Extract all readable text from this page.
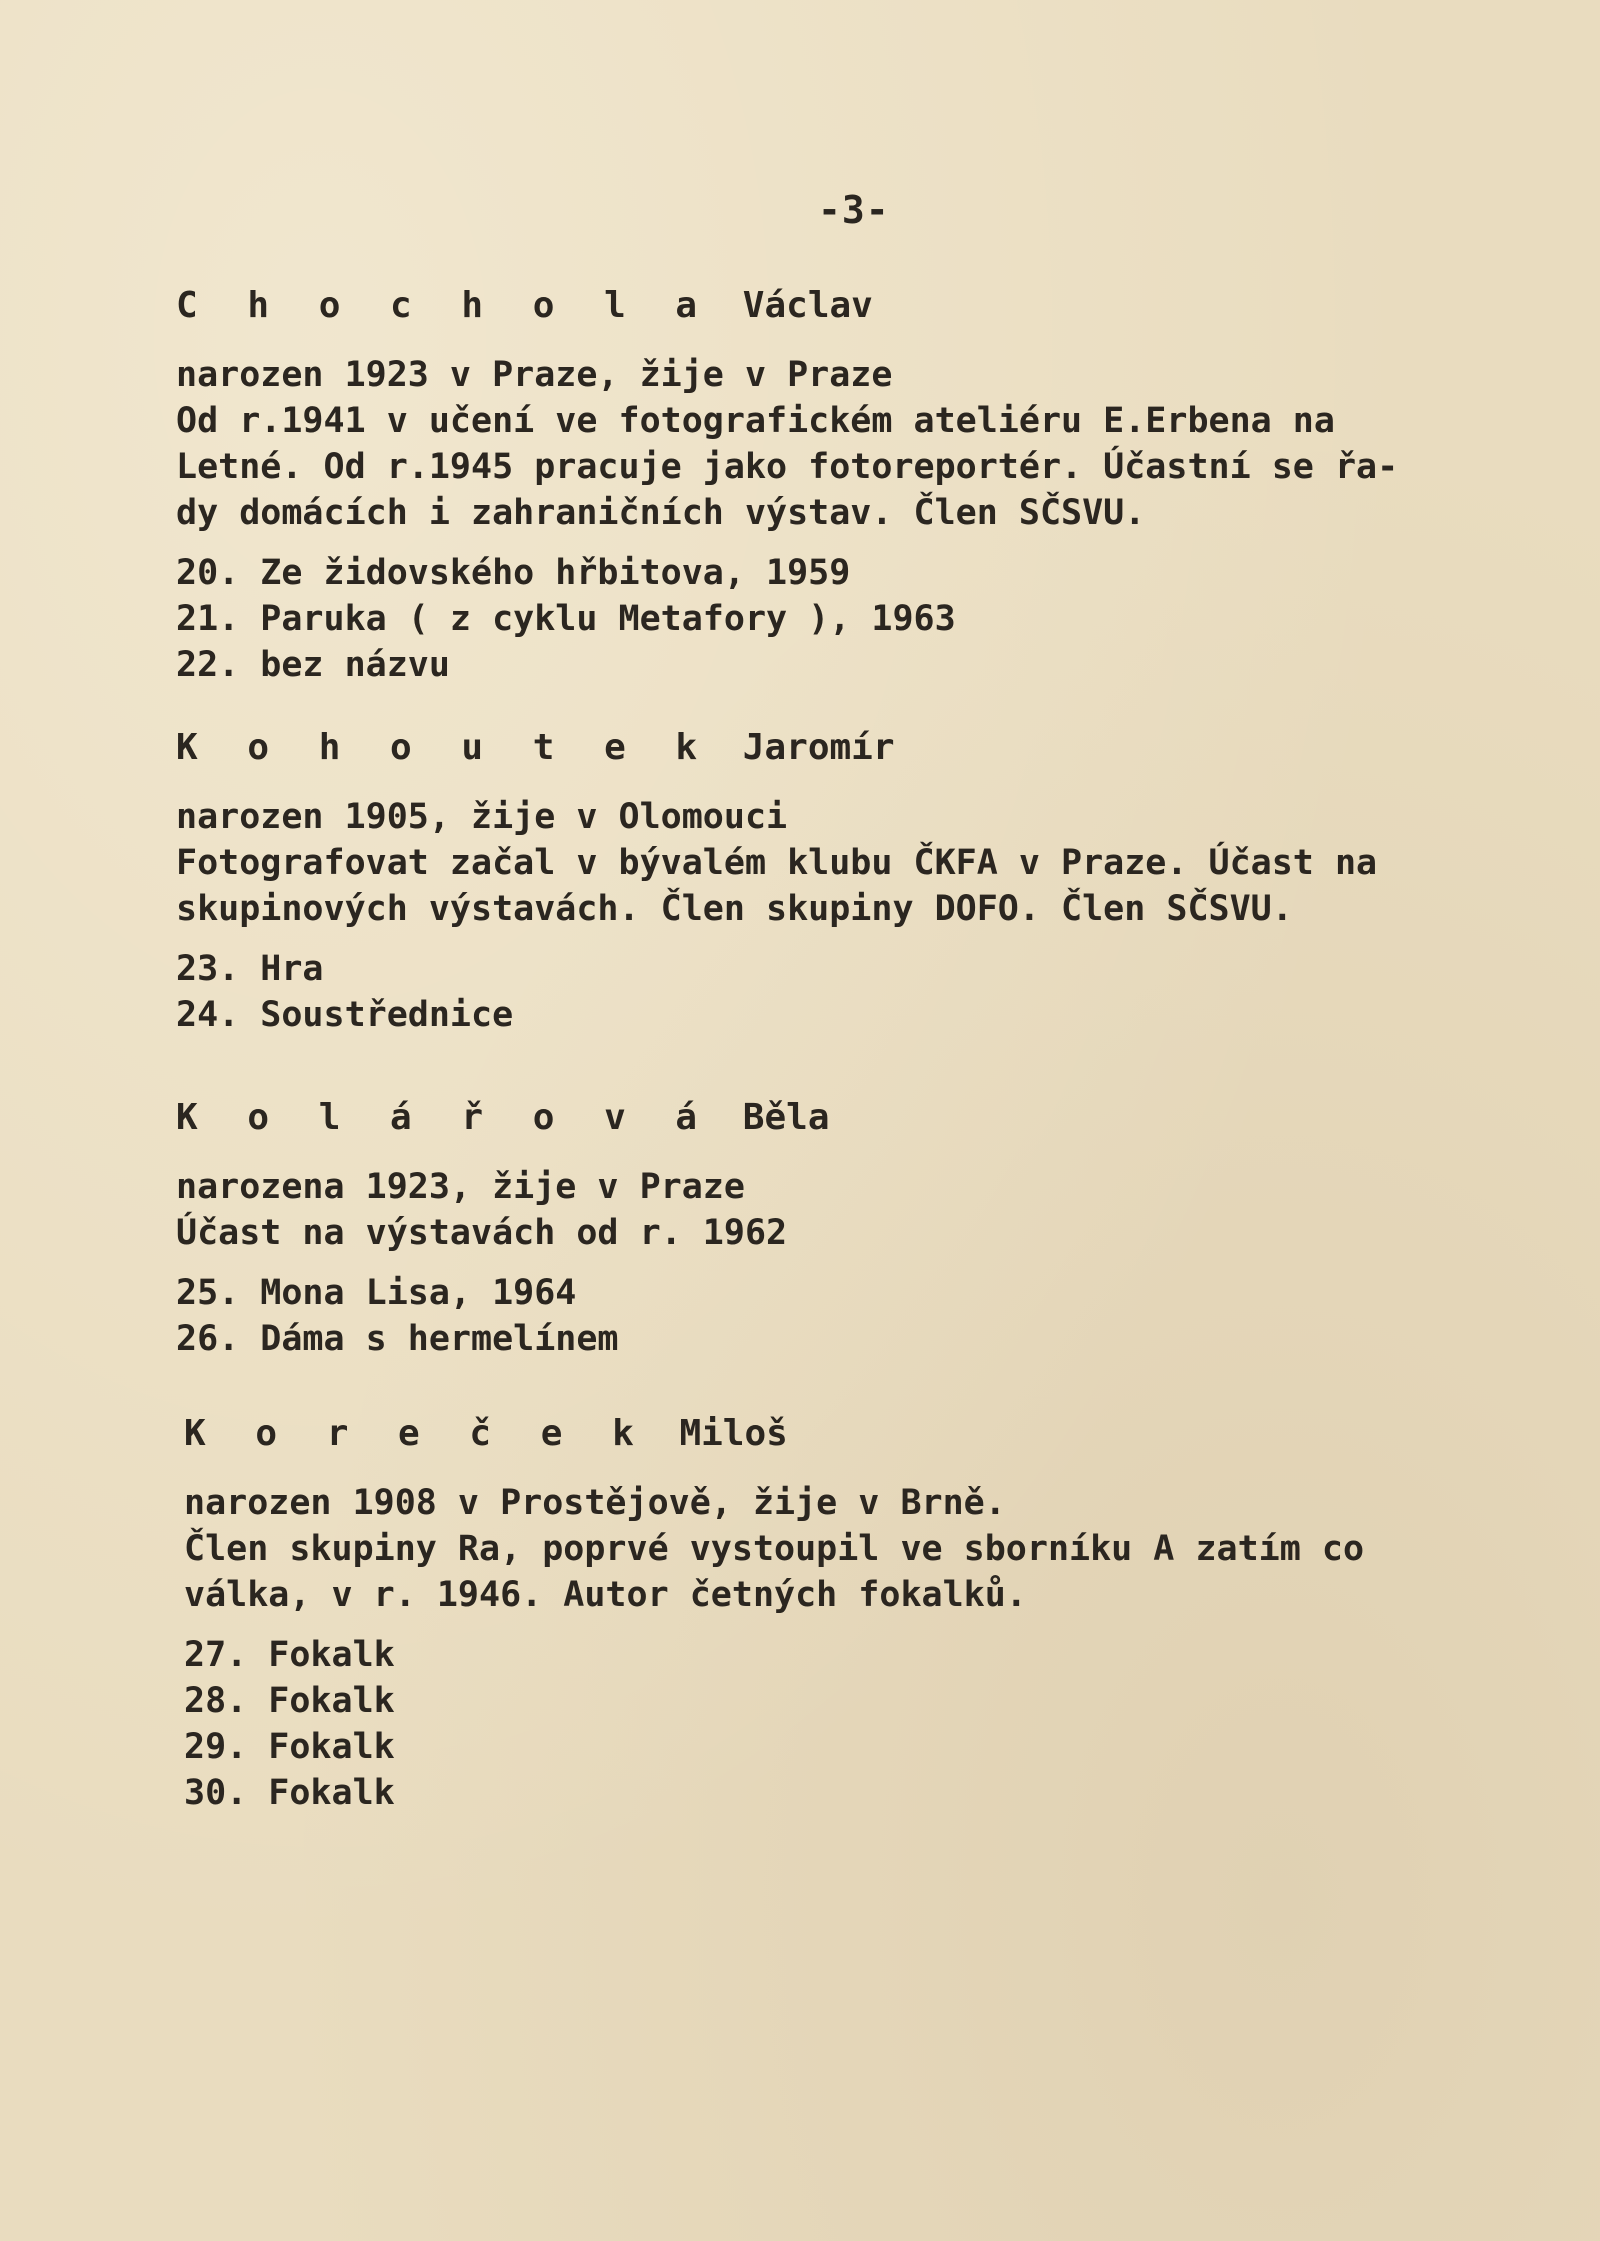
-3-
C h o c h o l a Václav

narozen 1923 v Praze, žije v Praze

Od r.1941 v učení ve fotografickém ateliéru E.Erbena na

Letné. Od r.1945 pracuje jako fotoreportér. Účastní se řa-

dy domácích i zahraničních výstav. Člen SČSVU.

20. Ze židovského hřbitova, 1959
21. Paruka ( z cyklu Metafory ), 1963
22. bez názvu
K o h o u t e k Jaromír

narozen 1905, žije v Olomouci

Fotografovat začal v bývalém klubu ČKFA v Praze. Účast na

skupinových výstavách. Člen skupiny DOFO. Člen SČSVU.

23. Hra
24. Soustřednice
K o l á ř o v á Běla

narozena 1923, žije v Praze

Účast na výstavách od r. 1962

25. Mona Lisa, 1964
26. Dáma s hermelínem
K o r e č e k Miloš

narozen 1908 v Prostějově, žije v Brně.

Člen skupiny Ra, poprvé vystoupil ve sborníku A zatím co

válka, v r. 1946. Autor četných fokalků.

27. Fokalk
28. Fokalk
29. Fokalk
30. Fokalk
